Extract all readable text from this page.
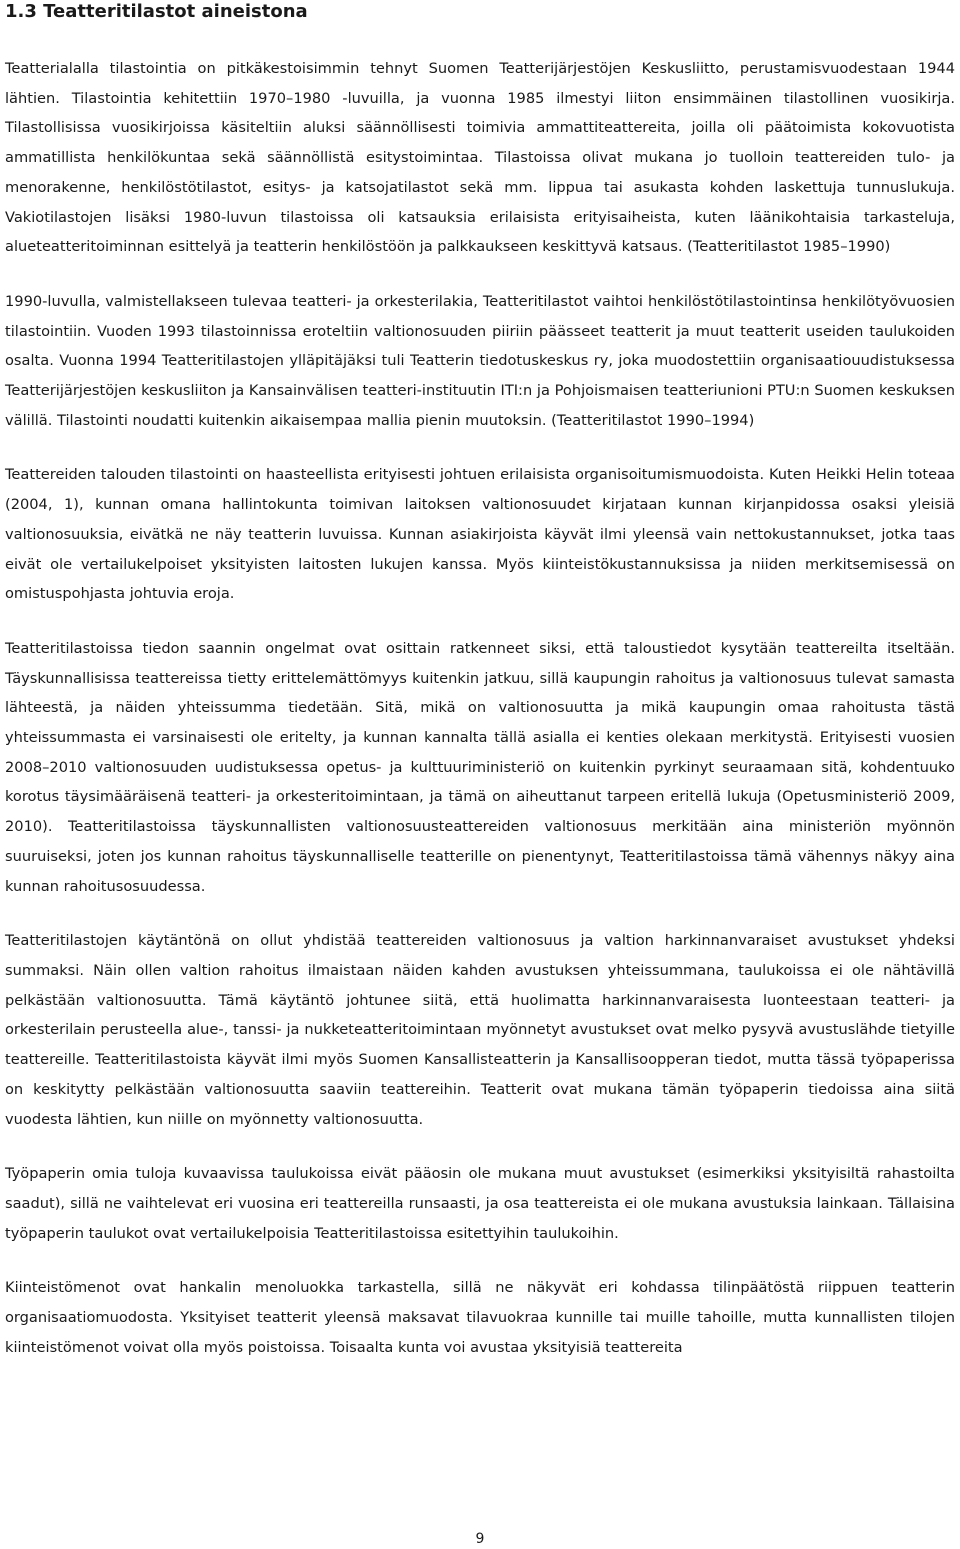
1.3 Teatteritilastot aineistona

Teatterialalla tilastointia on pitkäkestoisimmin tehnyt Suomen Teatterijärjestöjen Keskusliitto, perustamisvuodestaan 1944 lähtien. Tilastointia kehitettiin 1970–1980 -luvuilla, ja vuonna 1985 ilmestyi liiton ensimmäinen tilastollinen vuosikirja. Tilastollisissa vuosikirjoissa käsiteltiin aluksi säännöllisesti toimivia ammattiteattereita, joilla oli päätoimista kokovuotista ammatillista henkilökuntaa sekä säännöllistä esitystoimintaa. Tilastoissa olivat mukana jo tuolloin teattereiden tulo- ja menorakenne, henkilöstötilastot, esitys- ja katsojatilastot sekä mm. lippua tai asukasta kohden laskettuja tunnuslukuja. Vakiotilastojen lisäksi 1980-luvun tilastoissa oli katsauksia erilaisista erityisaiheista, kuten läänikohtaisia tarkasteluja, alueteatteritoiminnan esittelyä ja teatterin henkilöstöön ja palkkaukseen keskittyvä katsaus. (Teatteritilastot 1985–1990)

1990-luvulla, valmistellakseen tulevaa teatteri- ja orkesterilakia, Teatteritilastot vaihtoi henkilöstötilastointinsa henkilötyövuosien tilastointiin. Vuoden 1993 tilastoinnissa eroteltiin valtionosuuden piiriin päässeet teatterit ja muut teatterit useiden taulukoiden osalta. Vuonna 1994 Teatteritilastojen ylläpitäjäksi tuli Teatterin tiedotuskeskus ry, joka muodostettiin organisaatiouudistuksessa Teatterijärjestöjen keskusliiton ja Kansainvälisen teatteri-instituutin ITI:n ja Pohjoismaisen teatteriunioni PTU:n Suomen keskuksen välillä. Tilastointi noudatti kuitenkin aikaisempaa mallia pienin muutoksin. (Teatteritilastot 1990–1994)

Teattereiden talouden tilastointi on haasteellista erityisesti johtuen erilaisista organisoitumismuodoista. Kuten Heikki Helin toteaa (2004, 1), kunnan omana hallintokunta toimivan laitoksen valtionosuudet kirjataan kunnan kirjanpidossa osaksi yleisiä valtionosuuksia, eivätkä ne näy teatterin luvuissa. Kunnan asiakirjoista käyvät ilmi yleensä vain nettokustannukset, jotka taas eivät ole vertailukelpoiset yksityisten laitosten lukujen kanssa. Myös kiinteistökustannuksissa ja niiden merkitsemisessä on omistuspohjasta johtuvia eroja.

Teatteritilastoissa tiedon saannin ongelmat ovat osittain ratkenneet siksi, että taloustiedot kysytään teattereilta itseltään. Täyskunnallisissa teattereissa tietty erittelemättömyys kuitenkin jatkuu, sillä kaupungin rahoitus ja valtionosuus tulevat samasta lähteestä, ja näiden yhteissumma tiedetään. Sitä, mikä on valtionosuutta ja mikä kaupungin omaa rahoitusta tästä yhteissummasta ei varsinaisesti ole eritelty, ja kunnan kannalta tällä asialla ei kenties olekaan merkitystä. Erityisesti vuosien 2008–2010 valtionosuuden uudistuksessa opetus- ja kulttuuriministeriö on kuitenkin pyrkinyt seuraamaan sitä, kohdentuuko korotus täysimääräisenä teatteri- ja orkesteritoimintaan, ja tämä on aiheuttanut tarpeen eritellä lukuja (Opetusministeriö 2009, 2010). Teatteritilastoissa täyskunnallisten valtionosuusteattereiden valtionosuus merkitään aina ministeriön myönnön suuruiseksi, joten jos kunnan rahoitus täyskunnalliselle teatterille on pienentynyt, Teatteritilastoissa tämä vähennys näkyy aina kunnan rahoitusosuudessa.

Teatteritilastojen käytäntönä on ollut yhdistää teattereiden valtionosuus ja valtion harkinnanvaraiset avustukset yhdeksi summaksi. Näin ollen valtion rahoitus ilmaistaan näiden kahden avustuksen yhteissummana, taulukoissa ei ole nähtävillä pelkästään valtionosuutta. Tämä käytäntö johtunee siitä, että huolimatta harkinnanvaraisesta luonteestaan teatteri- ja orkesterilain perusteella alue-, tanssi- ja nukketeatteritoimintaan myönnetyt avustukset ovat melko pysyvä avustuslähde tietyille teattereille. Teatteritilastoista käyvät ilmi myös Suomen Kansallisteatterin ja Kansallisoopperan tiedot, mutta tässä työpaperissa on keskitytty pelkästään valtionosuutta saaviin teattereihin. Teatterit ovat mukana tämän työpaperin tiedoissa aina siitä vuodesta lähtien, kun niille on myönnetty valtionosuutta.

Työpaperin omia tuloja kuvaavissa taulukoissa eivät pääosin ole mukana muut avustukset (esimerkiksi yksityisiltä rahastoilta saadut), sillä ne vaihtelevat eri vuosina eri teattereilla runsaasti, ja osa teattereista ei ole mukana avustuksia lainkaan. Tällaisina työpaperin taulukot ovat vertailukelpoisia Teatteritilastoissa esitettyihin taulukoihin.

Kiinteistömenot ovat hankalin menoluokka tarkastella, sillä ne näkyvät eri kohdassa tilinpäätöstä riippuen teatterin organisaatiomuodosta. Yksityiset teatterit yleensä maksavat tilavuokraa kunnille tai muille tahoille, mutta kunnallisten tilojen kiinteistömenot voivat olla myös poistoissa. Toisaalta kunta voi avustaa yksityisiä teattereita

9
